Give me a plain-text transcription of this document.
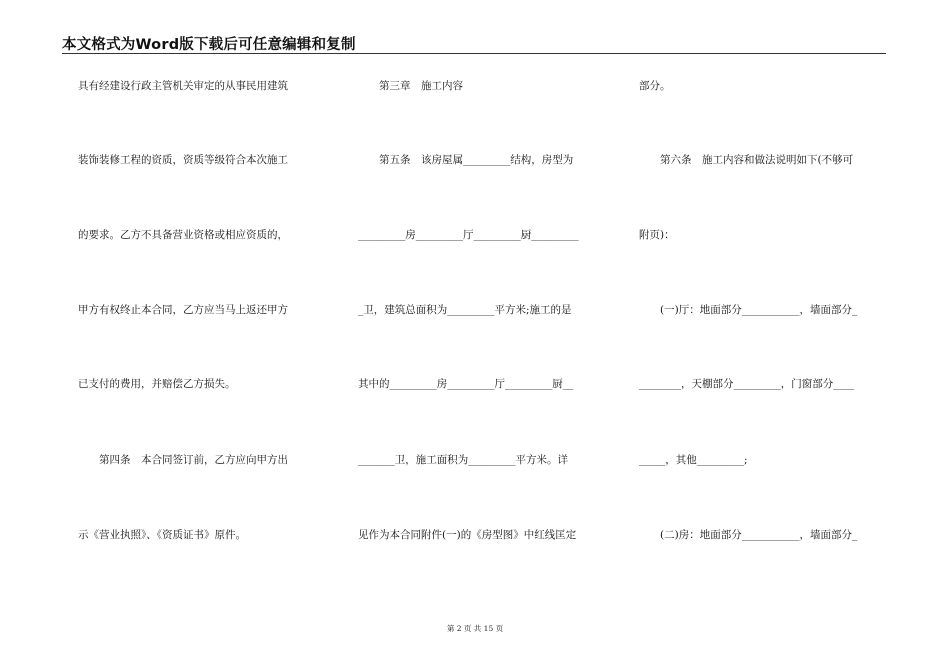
本文格式为Word版下载后可任意编辑和复制
具有经建设行政主管机关审定的从事民用建筑
装饰装修工程的资质，资质等级符合本次施工
的要求。乙方不具备营业资格或相应资质的，
甲方有权终止本合同，乙方应当马上返还甲方
已支付的费用，并赔偿乙方损失。
　　第四条　本合同签订前，乙方应向甲方出
示《营业执照》、《资质证书》原件。
　　第三章　施工内容
　　第五条　该房屋属_________结构，房型为
_________房_________厅_________厨_________
_卫，建筑总面积为_________平方米;施工的是
其中的_________房_________厅_________厨__
_______卫，施工面积为_________平方米。详
见作为本合同附件(一)的《房型图》中红线匡定
部分。
　　第六条　施工内容和做法说明如下(不够可
附页)：
　　(一)厅：地面部分___________，墙面部分_
________，天棚部分_________，门窗部分____
_____，其他_________;
　　(二)房：地面部分___________，墙面部分_
第 2 页 共 15 页
